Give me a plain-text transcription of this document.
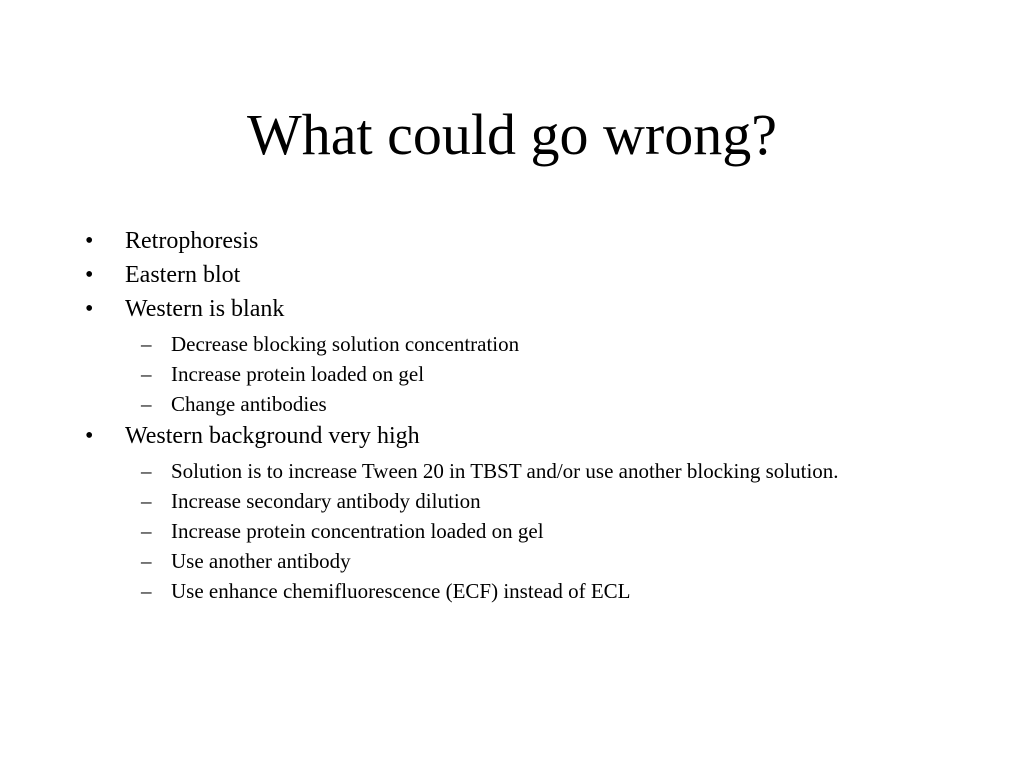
What could go wrong?
•	Retrophoresis
•	Eastern blot
•	Western is blank
– Decrease blocking solution concentration
– Increase protein loaded on gel
– Change antibodies
•	Western background very high
– Solution is to increase Tween 20 in TBST and/or use another blocking solution.
– Increase secondary antibody dilution
– Increase protein concentration loaded on gel
– Use another antibody
– Use enhance chemifluorescence (ECF) instead of ECL
